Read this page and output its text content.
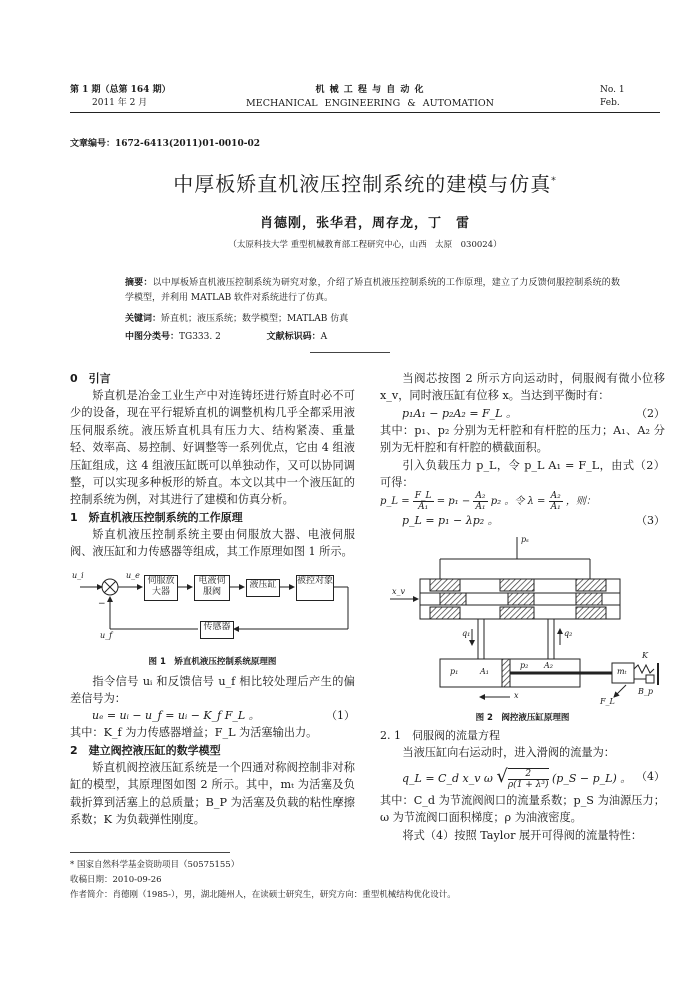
第 1 期（总第 164 期）
2011 年 2 月
机 械 工 程 与 自 动 化
MECHANICAL ENGINEERING & AUTOMATION
No. 1
Feb.
文章编号：1672-6413(2011)01-0010-02
中厚板矫直机液压控制系统的建模与仿真*
肖德刚，张华君，周存龙，丁　雷
（太原科技大学 重型机械教育部工程研究中心，山西　太原　030024）
摘要：以中厚板矫直机液压控制系统为研究对象，介绍了矫直机液压控制系统的工作原理，建立了力反馈伺服控制系统的数学模型，并利用 MATLAB 软件对系统进行了仿真。
关键词：矫直机；液压系统；数学模型；MATLAB 仿真
中图分类号：TG333. 2	文献标识码：A
0　引言
矫直机是冶金工业生产中对连铸坯进行矫直时必不可少的设备，现在平行辊矫直机的调整机构几乎全都采用液压伺服系统。液压矫直机具有压力大、结构紧凑、重量轻、效率高、易控制、好调整等一系列优点，它由 4 组液压缸组成，这 4 组液压缸既可以单独动作，又可以协同调整，可以实现多种板形的矫直。本文以其中一个液压缸的控制系统为例，对其进行了建模和仿真分析。
1　矫直机液压控制系统的工作原理
矫直机液压控制系统主要由伺服放大器、电液伺服阀、液压缸和力传感器等组成，其工作原理如图 1 所示。
u_i	u_e
−
u_f
伺服放大器
电液伺服阀
液压缸	被控对象
传感器
图 1　矫直机液压控制系统原理图
指令信号 uᵢ 和反馈信号 u_f 相比较处理后产生的偏差信号为：
uₑ = uᵢ − u_f = uᵢ − K_f F_L 。	（1）
其中：K_f 为力传感器增益；F_L 为活塞输出力。
2　建立阀控液压缸的数学模型
矫直机阀控液压缸系统是一个四通对称阀控制非对称缸的模型，其原理图如图 2 所示。其中，mₜ 为活塞及负载折算到活塞上的总质量；B_P 为活塞及负载的粘性摩擦系数；K 为负载弹性刚度。
当阀芯按图 2 所示方向运动时，伺服阀有微小位移 x_v，同时液压缸有位移 x。当达到平衡时有：
p₁A₁ − p₂A₂ = F_L 。	（2）
其中：p₁、p₂ 分别为无杆腔和有杆腔的压力；A₁、A₂ 分别为无杆腔和有杆腔的横截面积。
引入负载压力 p_L，令 p_L A₁ = F_L，由式（2）可得：
p_L = $\frac{F\_L}{\text{A₁}} = p_1 - \frac{\text{A₂}}{\text{A₁}} p_2$ 。令 $\lambda = \frac{\text{A₂}}{\text{A₁}}$ ，则：
p_L = p₁ − λp₂ 。	（3）
pₛ
x_v
q₁	q₂
p₁	A₁
p₂ A₂
mₜ
K
B_p
x
F_L
图 2　阀控液压缸原理图
2. 1　伺服阀的流量方程
当液压缸向右运动时，进入滑阀的流量为：
q_L = C_d x_v ω √ $\frac{2}{\text{ρ(1 + λ³)}}$ (p_S − p_L) 。 （4）
其中：C_d 为节流阀阀口的流量系数；p_S 为油源压力；ω 为节流阀口面积梯度；ρ 为油液密度。
将式（4）按照 Taylor 展开可得阀的流量特性：
* 国家自然科学基金资助项目（50575155）
收稿日期：2010-09-26
作者简介：肖德刚（1985-），男，湖北随州人，在读硕士研究生，研究方向：重型机械结构优化设计。
